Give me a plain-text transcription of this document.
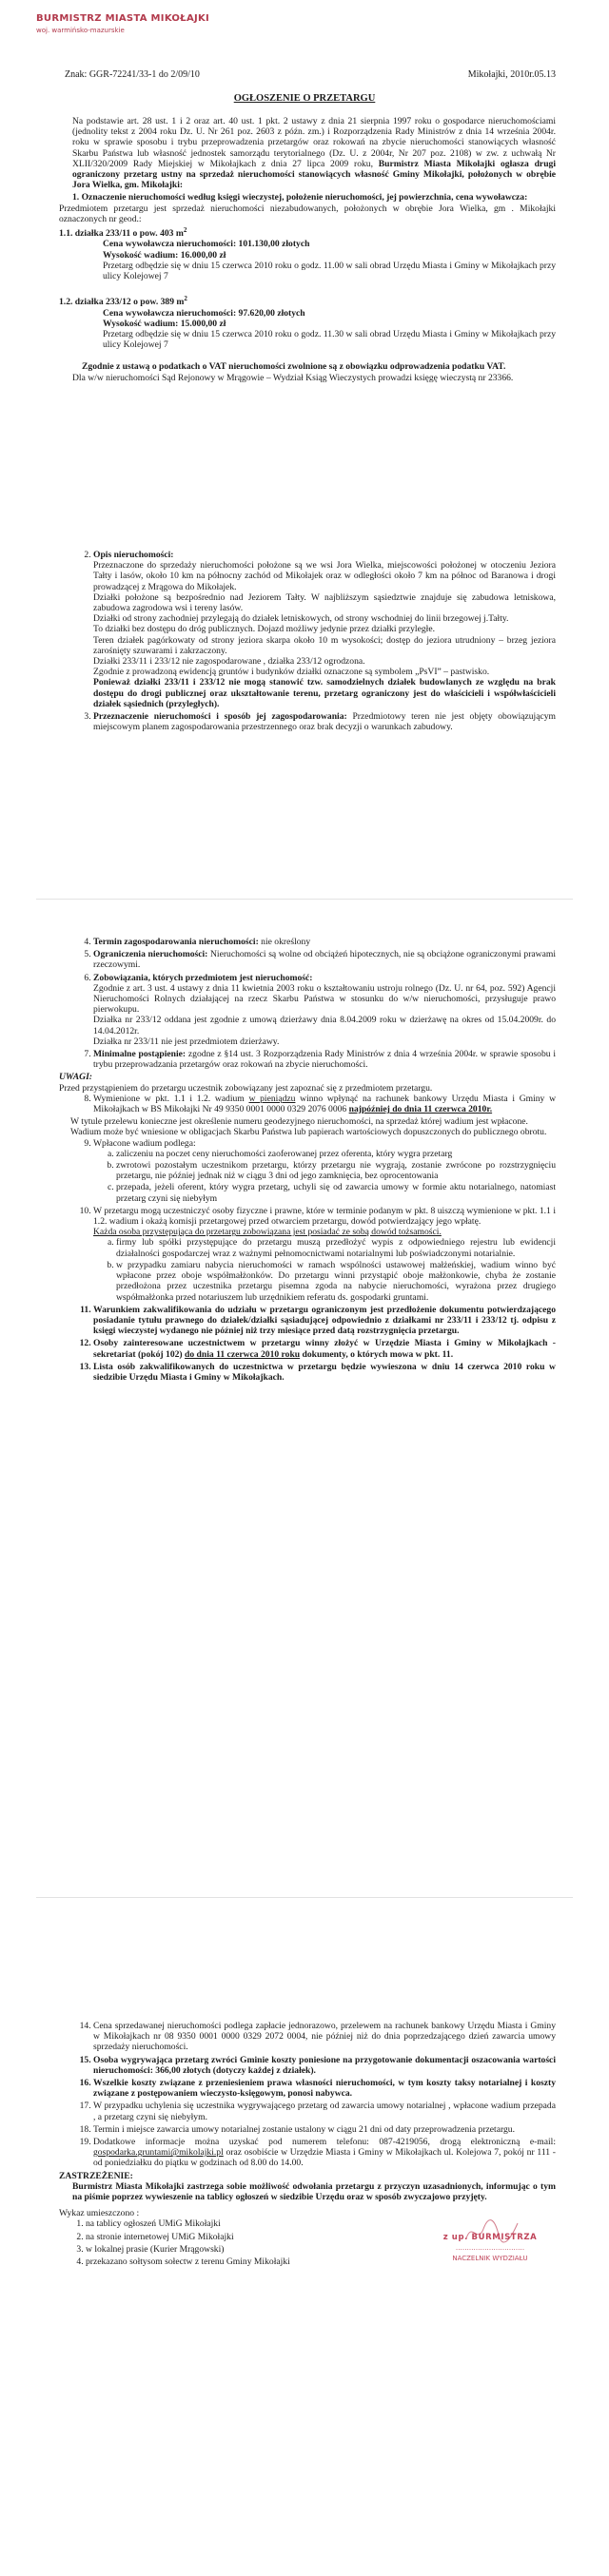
BURMISTRZ MIASTA MIKOŁAJKI
woj. warmińsko-mazurskie
Znak: GGR-72241/33-1 do 2/09/10	Mikołajki, 2010r.05.13
OGŁOSZENIE O PRZETARGU

Na podstawie art. 28 ust. 1 i 2 oraz art. 40 ust. 1 pkt. 2 ustawy z dnia 21 sierpnia 1997 roku o gospodarce nieruchomościami (jednolity tekst z 2004 roku Dz. U. Nr 261 poz. 2603 z późn. zm.) i Rozporządzenia Rady Ministrów z dnia 14 września 2004r. roku w sprawie sposobu i trybu przeprowadzenia przetargów oraz rokowań na zbycie nieruchomości stanowiących własność Skarbu Państwa lub własność jednostek samorządu terytorialnego (Dz. U. z 2004r, Nr 207 poz. 2108) w zw. z uchwałą Nr XLII/320/2009 Rady Miejskiej w Mikołajkach z dnia 27 lipca 2009 roku, Burmistrz Miasta Mikołajki ogłasza drugi ograniczony przetarg ustny na sprzedaż nieruchomości stanowiących własność Gminy Mikołajki, położonych w obrębie Jora Wielka, gm. Mikołajki:

1. Oznaczenie nieruchomości według księgi wieczystej, położenie nieruchomości, jej powierzchnia, cena wywoławcza:

Przedmiotem przetargu jest sprzedaż nieruchomości niezabudowanych, położonych w obrębie Jora Wielka, gm . Mikołajki oznaczonych nr geod.:

1.1. działka 233/11 o pow. 403 $m^2$

Cena wywoławcza nieruchomości: 101.130,00 złotych

Wysokość wadium: 16.000,00 zł

Przetarg odbędzie się w dniu 15 czerwca 2010 roku o godz. 11.00 w sali obrad Urzędu Miasta i Gminy w Mikołajkach przy ulicy Kolejowej 7

1.2. działka 233/12 o pow. 389 $m^2$

Cena wywoławcza nieruchomości: 97.620,00 złotych

Wysokość wadium: 15.000,00 zł

Przetarg odbędzie się w dniu 15 czerwca 2010 roku o godz. 11.30 w sali obrad Urzędu Miasta i Gminy w Mikołajkach przy ulicy Kolejowej 7

Zgodnie z ustawą o podatkach o VAT nieruchomości zwolnione są z obowiązku odprowadzenia podatku VAT.

Dla w/w nieruchomości Sąd Rejonowy w Mrągowie – Wydział Ksiąg Wieczystych prowadzi księgę wieczystą nr 23366.

2. Opis nieruchomości:

Przeznaczone do sprzedaży nieruchomości położone są we wsi Jora Wielka, miejscowości położonej w otoczeniu Jeziora Tałty i lasów, około 10 km na północny zachód od Mikołajek oraz w odległości około 7 km na północ od Baranowa i drogi prowadzącej z Mrągowa do Mikołajek.

Działki położone są bezpośrednio nad Jeziorem Tałty. W najbliższym sąsiedztwie znajduje się zabudowa letniskowa, zabudowa zagrodowa wsi i tereny lasów.

Działki od strony zachodniej przylegają do działek letniskowych, od strony wschodniej do linii brzegowej j.Tałty.

To działki bez dostępu do dróg publicznych. Dojazd możliwy jedynie przez działki przyległe.

Teren działek pagórkowaty od strony jeziora skarpa około 10 m wysokości; dostęp do jeziora utrudniony – brzeg jeziora zarośnięty szuwarami i zakrzaczony.

Działki 233/11 i 233/12 nie zagospodarowane , działka 233/12 ogrodzona.

Zgodnie z prowadzoną ewidencją gruntów i budynków działki oznaczone są symbolem „PsVI” – pastwisko.

Ponieważ działki 233/11 i 233/12 nie mogą stanowić tzw. samodzielnych działek budowlanych ze względu na brak dostępu do drogi publicznej oraz ukształtowanie terenu, przetarg ograniczony jest do właścicieli i współwłaścicieli działek sąsiednich (przyległych).

3. Przeznaczenie nieruchomości i sposób jej zagospodarowania: Przedmiotowy teren nie jest objęty obowiązującym miejscowym planem zagospodarowania przestrzennego oraz brak decyzji o warunkach zabudowy.
4. Termin zagospodarowania nieruchomości: nie określony
5. Ograniczenia nieruchomości: Nieruchomości są wolne od obciążeń hipotecznych, nie są obciążone ograniczonymi prawami rzeczowymi.
6. Zobowiązania, których przedmiotem jest nieruchomość:

Zgodnie z art. 3 ust. 4 ustawy z dnia 11 kwietnia 2003 roku o kształtowaniu ustroju rolnego (Dz. U. nr 64, poz. 592) Agencji Nieruchomości Rolnych działającej na rzecz Skarbu Państwa w stosunku do w/w nieruchomości, przysługuje prawo pierwokupu.

Działka nr 233/12 oddana jest zgodnie z umową dzierżawy dnia 8.04.2009 roku w dzierżawę na okres od 15.04.2009r. do 14.04.2012r.

Działka nr 233/11 nie jest przedmiotem dzierżawy.

7. Minimalne postąpienie: zgodne z §14 ust. 3 Rozporządzenia Rady Ministrów z dnia 4 września 2004r. w sprawie sposobu i trybu przeprowadzania przetargów oraz rokowań na zbycie nieruchomości.

UWAGI:

Przed przystąpieniem do przetargu uczestnik zobowiązany jest zapoznać się z przedmiotem przetargu.

8. Wymienione w pkt. 1.1 i 1.2. wadium w pieniądzu winno wpłynąć na rachunek bankowy Urzędu Miasta i Gminy w Mikołajkach w BS Mikołajki Nr 49 9350 0001 0000 0329 2076 0006 najpóźniej do dnia 11 czerwca 2010r.

W tytule przelewu konieczne jest określenie numeru geodezyjnego nieruchomości, na sprzedaż której wadium jest wpłacone.

Wadium może być wniesione w obligacjach Skarbu Państwa lub papierach wartościowych dopuszczonych do publicznego obrotu.

9. Wpłacone wadium podlega:
a. zaliczeniu na poczet ceny nieruchomości zaoferowanej przez oferenta, który wygra przetarg
b. zwrotowi pozostałym uczestnikom przetargu, którzy przetargu nie wygrają, zostanie zwrócone po rozstrzygnięciu przetargu, nie później jednak niż w ciągu 3 dni od jego zamknięcia, bez oprocentowania
c. przepada, jeżeli oferent, który wygra przetarg, uchyli się od zawarcia umowy w formie aktu notarialnego, natomiast przetarg czyni się niebyłym
10. W przetargu mogą uczestniczyć osoby fizyczne i prawne, które w terminie podanym w pkt. 8 uiszczą wymienione w pkt. 1.1 i 1.2. wadium i okażą komisji przetargowej przed otwarciem przetargu, dowód potwierdzający jego wpłatę.

Każda osoba przystępująca do przetargu zobowiązana jest posiadać ze sobą dowód tożsamości.

a. firmy lub spółki przystępujące do przetargu muszą przedłożyć wypis z odpowiedniego rejestru lub ewidencji działalności gospodarczej wraz z ważnymi pełnomocnictwami notarialnymi lub poświadczonymi notarialnie.
b. w przypadku zamiaru nabycia nieruchomości w ramach wspólności ustawowej małżeńskiej, wadium winno być wpłacone przez oboje współmałżonków. Do przetargu winni przystąpić oboje małżonkowie, chyba że zostanie przedłożona przez uczestnika przetargu pisemna zgoda na nabycie nieruchomości, wyrażona przez drugiego współmałżonka przed notariuszem lub urzędnikiem referatu ds. gospodarki gruntami.
11. Warunkiem zakwalifikowania do udziału w przetargu ograniczonym jest przedłożenie dokumentu potwierdzającego posiadanie tytułu prawnego do działek/działki sąsiadującej odpowiednio z działkami nr 233/11 i 233/12 tj. odpisu z księgi wieczystej wydanego nie później niż trzy miesiące przed datą rozstrzygnięcia przetargu.
12. Osoby zainteresowane uczestnictwem w przetargu winny złożyć w Urzędzie Miasta i Gminy w Mikołajkach - sekretariat (pokój 102) do dnia 11 czerwca 2010 roku dokumenty, o których mowa w pkt. 11.
13. Lista osób zakwalifikowanych do uczestnictwa w przetargu będzie wywieszona w dniu 14 czerwca 2010 roku w siedzibie Urzędu Miasta i Gminy w Mikołajkach.
14. Cena sprzedawanej nieruchomości podlega zapłacie jednorazowo, przelewem na rachunek bankowy Urzędu Miasta i Gminy w Mikołajkach nr 08 9350 0001 0000 0329 2072 0004, nie później niż do dnia poprzedzającego dzień zawarcia umowy sprzedaży nieruchomości.
15. Osoba wygrywająca przetarg zwróci Gminie koszty poniesione na przygotowanie dokumentacji oszacowania wartości nieruchomości: 366,00 złotych (dotyczy każdej z działek).
16. Wszelkie koszty związane z przeniesieniem prawa własności nieruchomości, w tym koszty taksy notarialnej i koszty związane z postępowaniem wieczysto-księgowym, ponosi nabywca.
17. W przypadku uchylenia się uczestnika wygrywającego przetarg od zawarcia umowy notarialnej , wpłacone wadium przepada , a przetarg czyni się niebyłym.
18. Termin i miejsce zawarcia umowy notarialnej zostanie ustalony w ciągu 21 dni od daty przeprowadzenia przetargu.
19. Dodatkowe informacje można uzyskać pod numerem telefonu: 087-4219056, drogą elektroniczną e-mail: gospodarka.gruntami@mikolajki.pl oraz osobiście w Urzędzie Miasta i Gminy w Mikołajkach ul. Kolejowa 7, pokój nr 111 - od poniedziałku do piątku w godzinach od 8.00 do 14.00.

ZASTRZEŻENIE:

Burmistrz Miasta Mikołajki zastrzega sobie możliwość odwołania przetargu z przyczyn uzasadnionych, informując o tym na piśmie poprzez wywieszenie na tablicy ogłoszeń w siedzibie Urzędu oraz w sposób zwyczajowo przyjęty.

Wykaz umieszczono :

1. na tablicy ogłoszeń UMiG Mikołajki
2. na stronie internetowej UMiG Mikołajki
3. w lokalnej prasie (Kurier Mrągowski)
4. przekazano sołtysom sołectw z terenu Gminy Mikołajki
z up. BURMISTRZA
…….……………………
NACZELNIK WYDZIAŁU
